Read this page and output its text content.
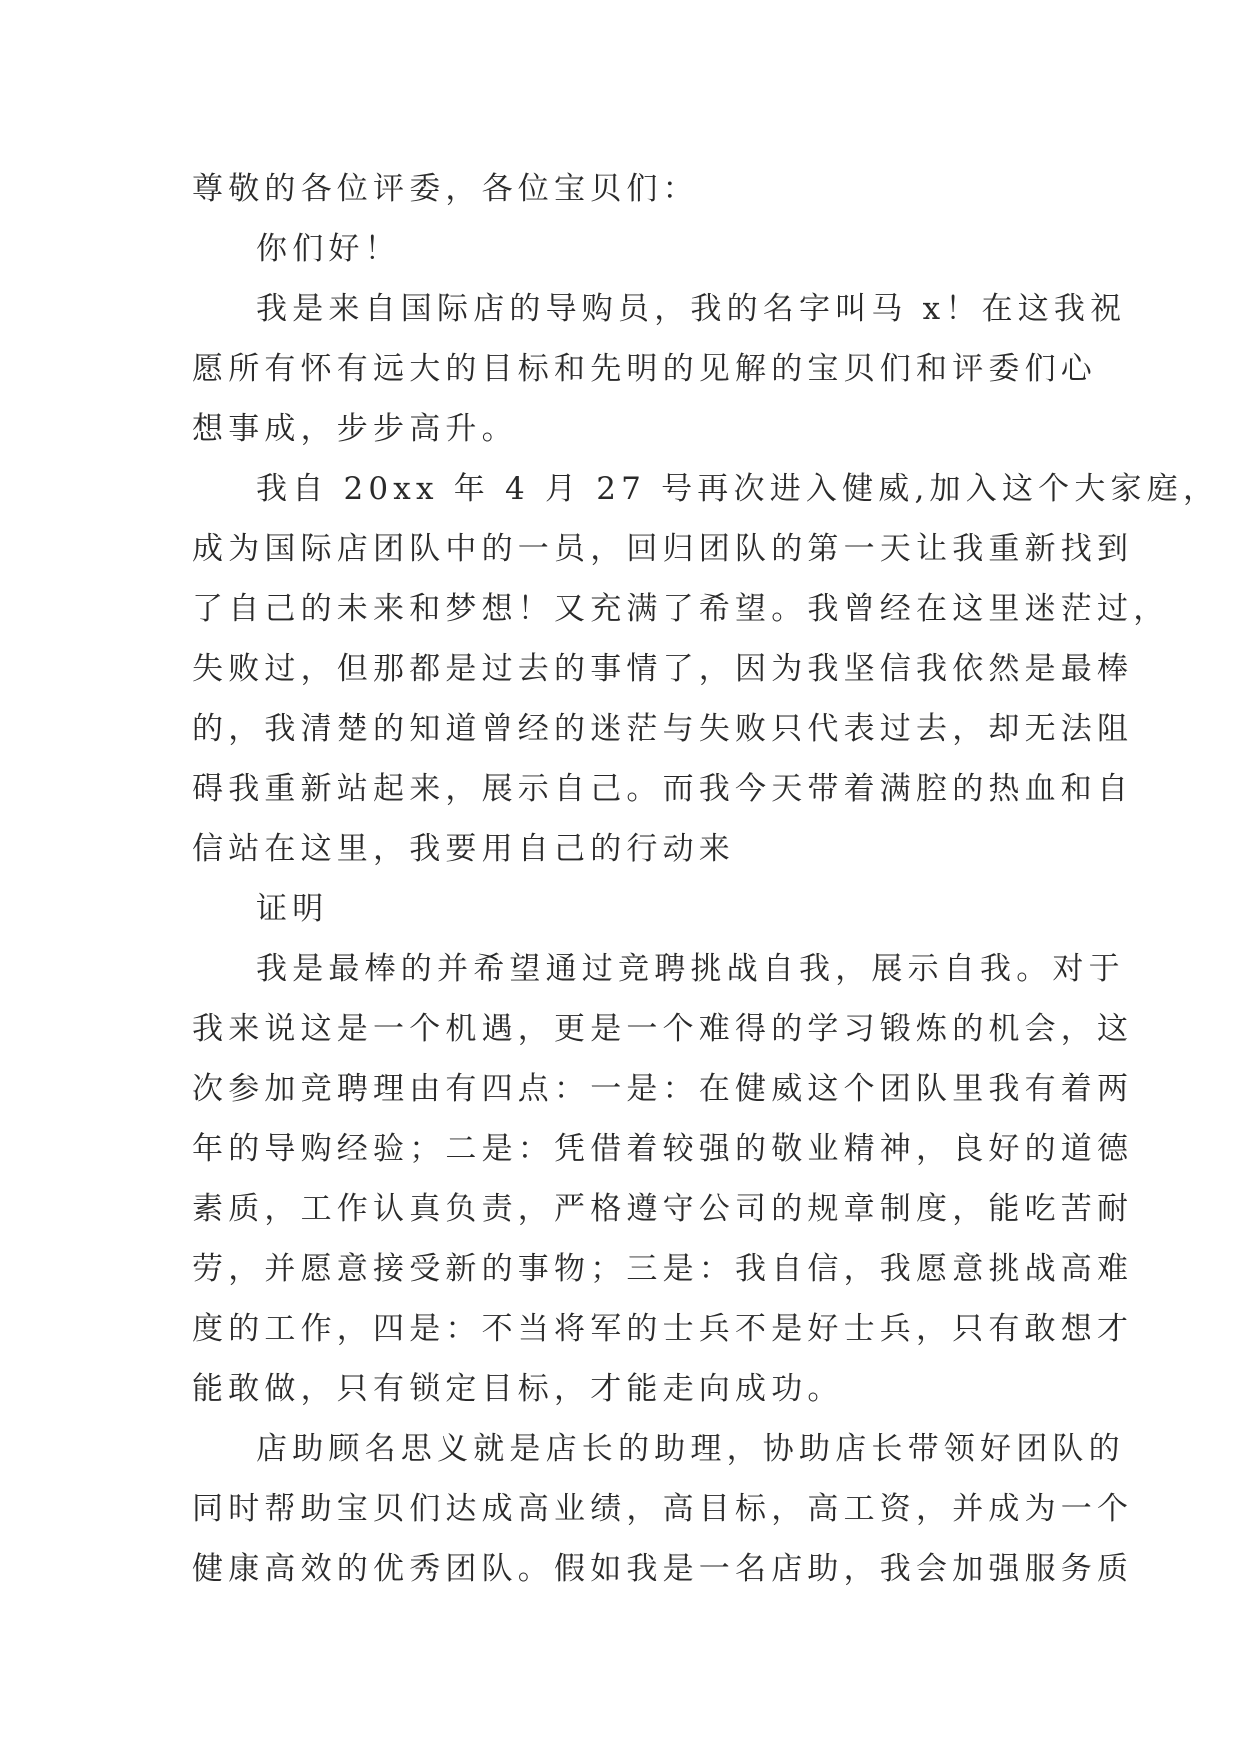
尊敬的各位评委，各位宝贝们：
你们好！
我是来自国际店的导购员，我的名字叫马 x！在这我祝
愿所有怀有远大的目标和先明的见解的宝贝们和评委们心
想事成，步步高升。
我自 20xx 年 4 月 27 号再次进入健威,加入这个大家庭，
成为国际店团队中的一员，回归团队的第一天让我重新找到
了自己的未来和梦想！又充满了希望。我曾经在这里迷茫过，
失败过，但那都是过去的事情了，因为我坚信我依然是最棒
的，我清楚的知道曾经的迷茫与失败只代表过去，却无法阻
碍我重新站起来，展示自己。而我今天带着满腔的热血和自
信站在这里，我要用自己的行动来
证明
我是最棒的并希望通过竞聘挑战自我，展示自我。对于
我来说这是一个机遇，更是一个难得的学习锻炼的机会，这
次参加竞聘理由有四点：一是：在健威这个团队里我有着两
年的导购经验；二是：凭借着较强的敬业精神，良好的道德
素质，工作认真负责，严格遵守公司的规章制度，能吃苦耐
劳，并愿意接受新的事物；三是：我自信，我愿意挑战高难
度的工作，四是：不当将军的士兵不是好士兵，只有敢想才
能敢做，只有锁定目标，才能走向成功。
店助顾名思义就是店长的助理，协助店长带领好团队的
同时帮助宝贝们达成高业绩，高目标，高工资，并成为一个
健康高效的优秀团队。假如我是一名店助，我会加强服务质
